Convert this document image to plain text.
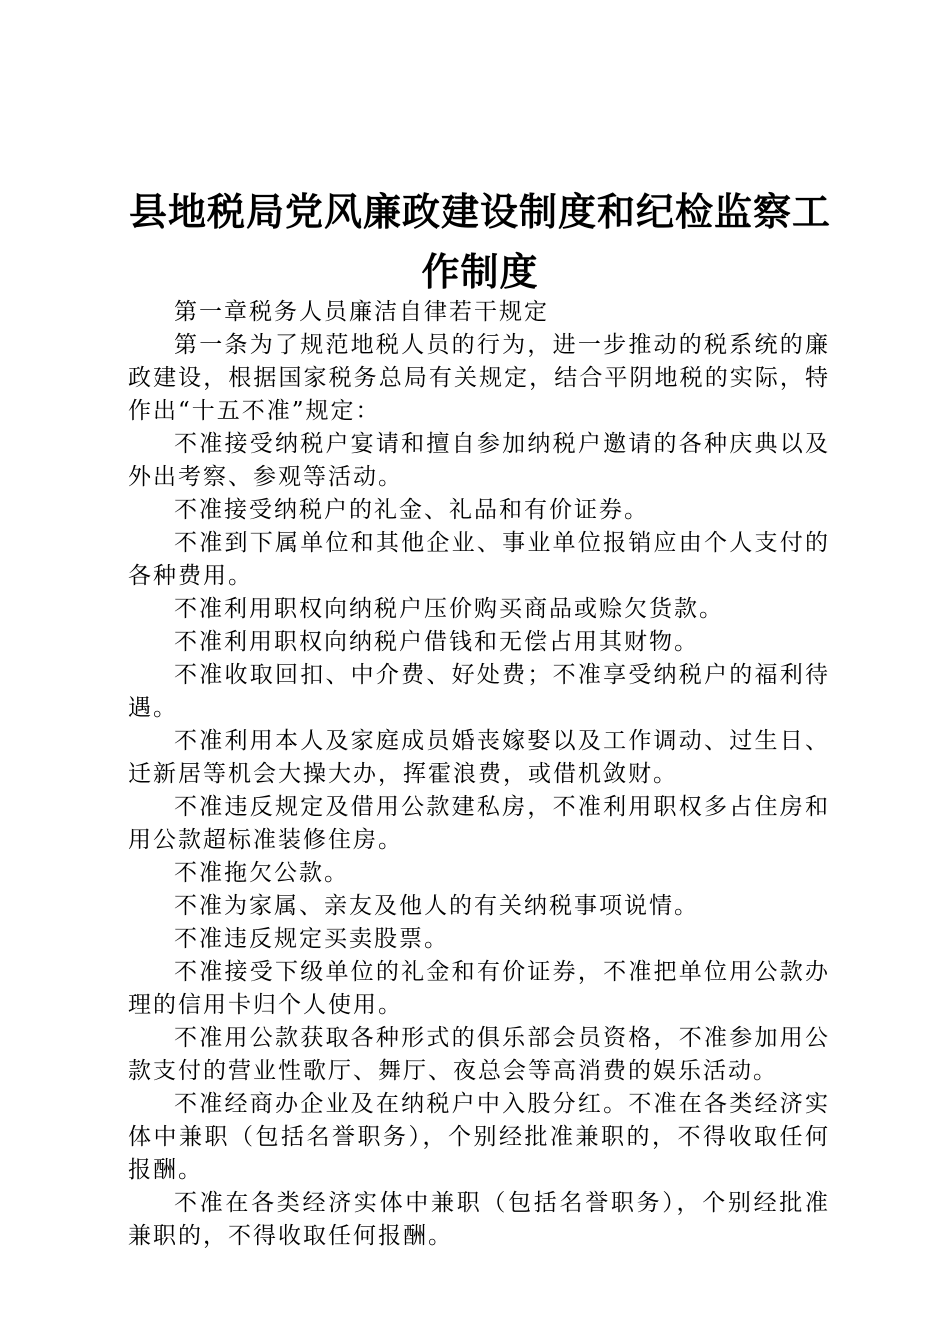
县地税局党风廉政建设制度和纪检监察工作制度

第一章税务人员廉洁自律若干规定

第一条为了规范地税人员的行为，进一步推动的税系统的廉政建设，根据国家税务总局有关规定，结合平阴地税的实际，特作出“十五不准”规定：

不准接受纳税户宴请和擅自参加纳税户邀请的各种庆典以及外出考察、参观等活动。

不准接受纳税户的礼金、礼品和有价证券。

不准到下属单位和其他企业、事业单位报销应由个人支付的各种费用。

不准利用职权向纳税户压价购买商品或赊欠货款。

不准利用职权向纳税户借钱和无偿占用其财物。

不准收取回扣、中介费、好处费；不准享受纳税户的福利待遇。

不准利用本人及家庭成员婚丧嫁娶以及工作调动、过生日、迁新居等机会大操大办，挥霍浪费，或借机敛财。

不准违反规定及借用公款建私房，不准利用职权多占住房和用公款超标准装修住房。

不准拖欠公款。

不准为家属、亲友及他人的有关纳税事项说情。

不准违反规定买卖股票。

不准接受下级单位的礼金和有价证券，不准把单位用公款办理的信用卡归个人使用。

不准用公款获取各种形式的俱乐部会员资格，不准参加用公款支付的营业性歌厅、舞厅、夜总会等高消费的娱乐活动。

不准经商办企业及在纳税户中入股分红。不准在各类经济实体中兼职（包括名誉职务），个别经批准兼职的，不得收取任何报酬。

不准在各类经济实体中兼职（包括名誉职务），个别经批准兼职的，不得收取任何报酬。
